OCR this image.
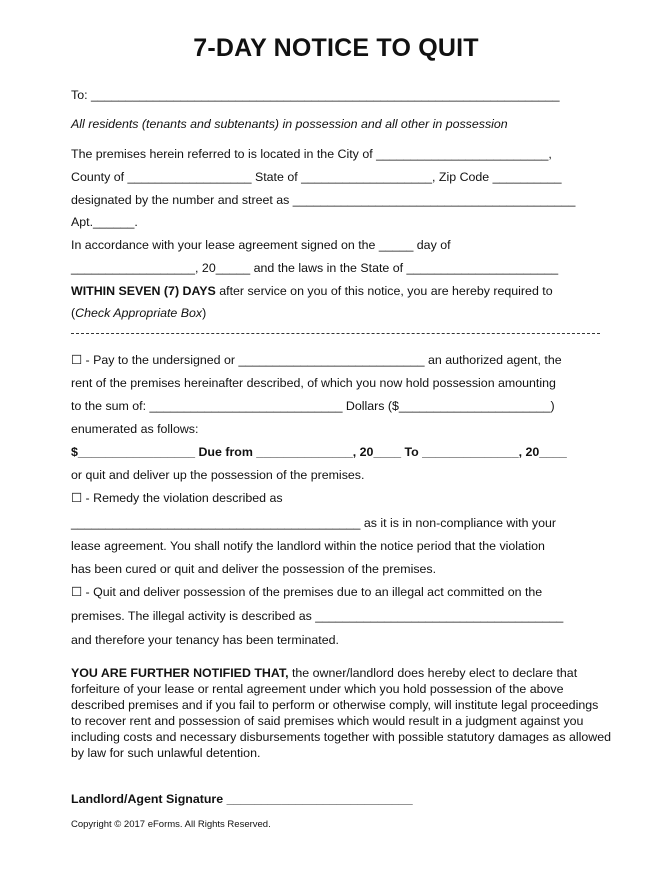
7-DAY NOTICE TO QUIT
To: ____________________________________________________________________
All residents (tenants and subtenants) in possession and all other in possession
The premises herein referred to is located in the City of _________________________,
County of __________________ State of ___________________, Zip Code __________
designated by the number and street as _________________________________________
Apt.______.
In accordance with your lease agreement signed on the _____ day of
__________________, 20_____ and the laws in the State of ______________________
WITHIN SEVEN (7) DAYS after service on you of this notice, you are hereby required to
(Check Appropriate Box)
☐ - Pay to the undersigned or ___________________________ an authorized agent, the
rent of the premises hereinafter described, of which you now hold possession amounting
to the sum of: ____________________________ Dollars ($______________________)
enumerated as follows:
$_________________ Due from ______________, 20____ To ______________, 20____
or quit and deliver up the possession of the premises.
☐ - Remedy the violation described as
__________________________________________ as it is in non-compliance with your
lease agreement. You shall notify the landlord within the notice period that the violation
has been cured or quit and deliver the possession of the premises.
☐ - Quit and deliver possession of the premises due to an illegal act committed on the
premises. The illegal activity is described as ____________________________________
and therefore your tenancy has been terminated.
YOU ARE FURTHER NOTIFIED THAT, the owner/landlord does hereby elect to declare that forfeiture of your lease or rental agreement under which you hold possession of the above described premises and if you fail to perform or otherwise comply, will institute legal proceedings to recover rent and possession of said premises which would result in a judgment against you including costs and necessary disbursements together with possible statutory damages as allowed by law for such unlawful detention.
Landlord/Agent Signature ___________________________
Copyright © 2017 eForms. All Rights Reserved.
